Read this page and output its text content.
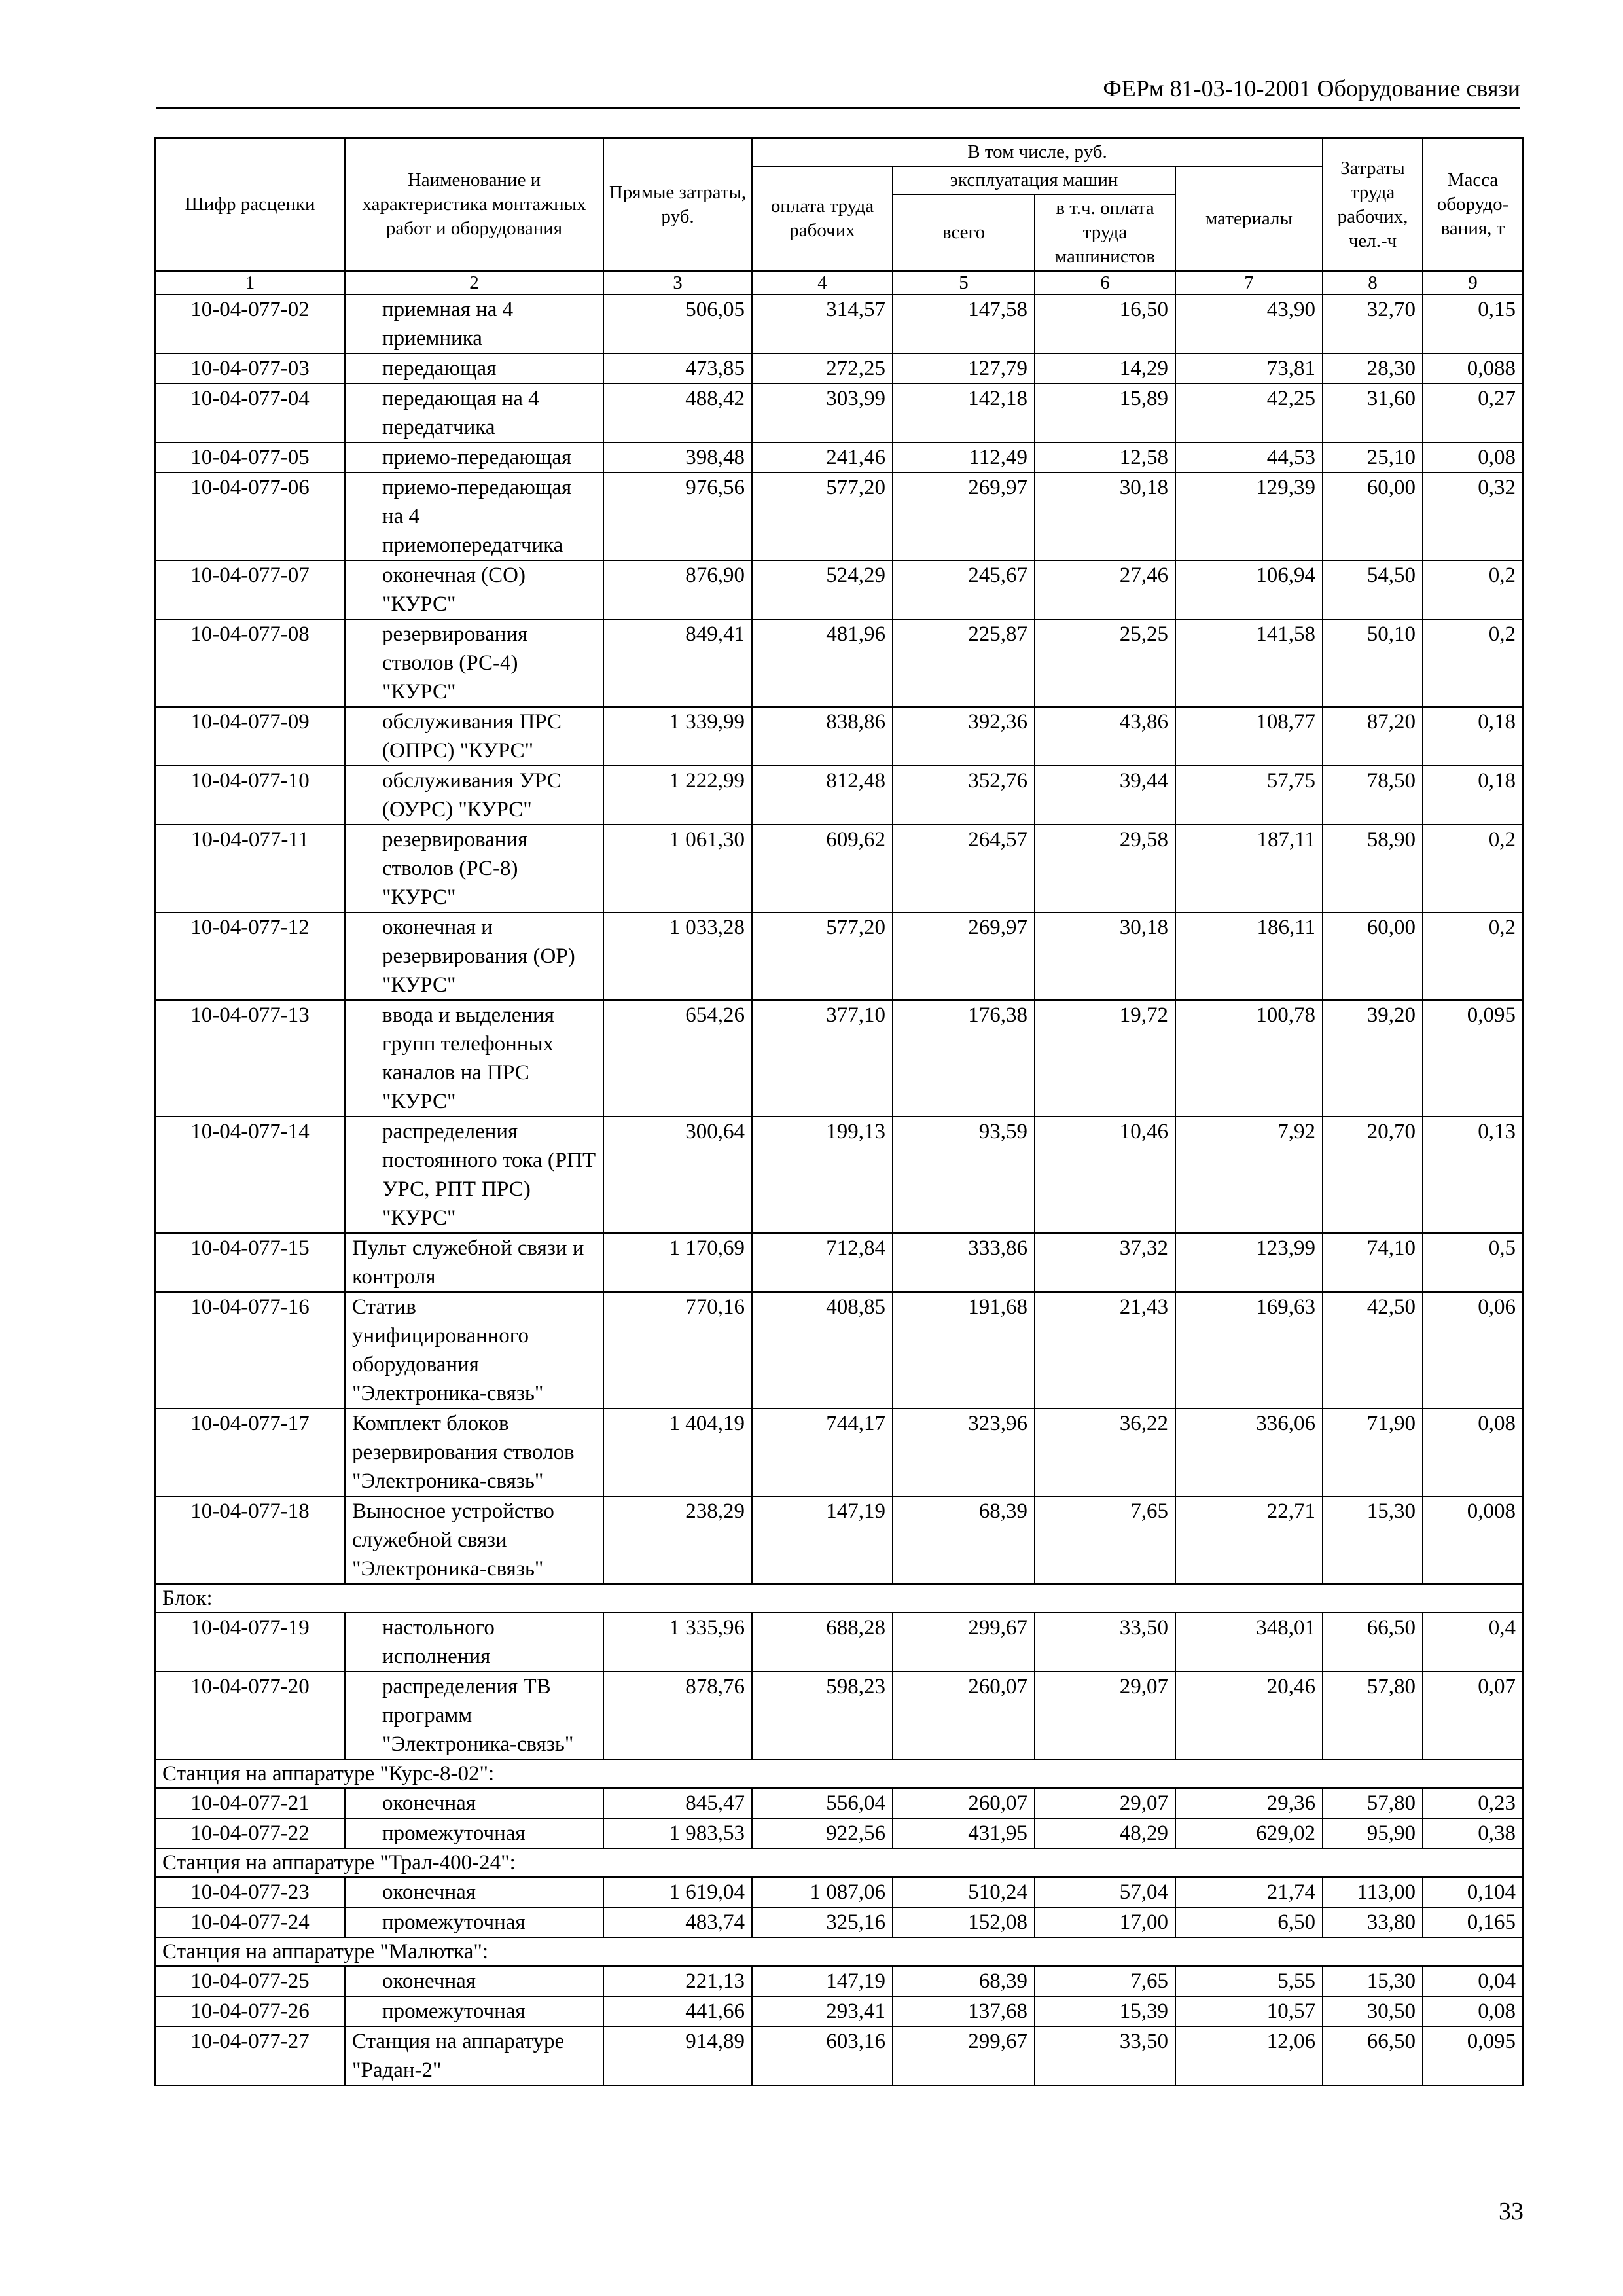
ФЕРм 81-03-10-2001 Оборудование связи
Шифр расценки	Наименование и характеристика монтажных работ и оборудования	Прямые затраты, руб.	В том числе, руб.				Затраты труда рабочих, чел.-ч	Масса оборудо-вания, т
			оплата труда рабочих	эксплуатация машин		материалы		
				всего	в т.ч. оплата труда машинистов			
1	2	3	4	5	6	7	8	9
10-04-077-02	приемная на 4 приемника	506,05	314,57	147,58	16,50	43,90	32,70	0,15
10-04-077-03	передающая	473,85	272,25	127,79	14,29	73,81	28,30	0,088
10-04-077-04	передающая на 4 передатчика	488,42	303,99	142,18	15,89	42,25	31,60	0,27
10-04-077-05	приемо-передающая	398,48	241,46	112,49	12,58	44,53	25,10	0,08
10-04-077-06	приемо-передающая на 4 приемопередатчика	976,56	577,20	269,97	30,18	129,39	60,00	0,32
10-04-077-07	оконечная (СО) "КУРС"	876,90	524,29	245,67	27,46	106,94	54,50	0,2
10-04-077-08	резервирования стволов (РС-4) "КУРС"	849,41	481,96	225,87	25,25	141,58	50,10	0,2
10-04-077-09	обслуживания ПРС (ОПРС) "КУРС"	1 339,99	838,86	392,36	43,86	108,77	87,20	0,18
10-04-077-10	обслуживания УРС (ОУРС) "КУРС"	1 222,99	812,48	352,76	39,44	57,75	78,50	0,18
10-04-077-11	резервирования стволов (РС-8) "КУРС"	1 061,30	609,62	264,57	29,58	187,11	58,90	0,2
10-04-077-12	оконечная и резервирования (ОР) "КУРС"	1 033,28	577,20	269,97	30,18	186,11	60,00	0,2
10-04-077-13	ввода и выделения групп телефонных каналов на ПРС "КУРС"	654,26	377,10	176,38	19,72	100,78	39,20	0,095
10-04-077-14	распределения постоянного тока (РПТ УРС, РПТ ПРС) "КУРС"	300,64	199,13	93,59	10,46	7,92	20,70	0,13
10-04-077-15	Пульт служебной связи и контроля	1 170,69	712,84	333,86	37,32	123,99	74,10	0,5
10-04-077-16	Статив унифицированного оборудования "Электроника-связь"	770,16	408,85	191,68	21,43	169,63	42,50	0,06
10-04-077-17	Комплект блоков резервирования стволов "Электроника-связь"	1 404,19	744,17	323,96	36,22	336,06	71,90	0,08
10-04-077-18	Выносное устройство служебной связи "Электроника-связь"	238,29	147,19	68,39	7,65	22,71	15,30	0,008
Блок:								
10-04-077-19	настольного исполнения	1 335,96	688,28	299,67	33,50	348,01	66,50	0,4
10-04-077-20	распределения ТВ программ "Электроника-связь"	878,76	598,23	260,07	29,07	20,46	57,80	0,07
Станция на аппаратуре "Курс-8-02":								
10-04-077-21	оконечная	845,47	556,04	260,07	29,07	29,36	57,80	0,23
10-04-077-22	промежуточная	1 983,53	922,56	431,95	48,29	629,02	95,90	0,38
Станция на аппаратуре "Трал-400-24":								
10-04-077-23	оконечная	1 619,04	1 087,06	510,24	57,04	21,74	113,00	0,104
10-04-077-24	промежуточная	483,74	325,16	152,08	17,00	6,50	33,80	0,165
Станция на аппаратуре "Малютка":								
10-04-077-25	оконечная	221,13	147,19	68,39	7,65	5,55	15,30	0,04
10-04-077-26	промежуточная	441,66	293,41	137,68	15,39	10,57	30,50	0,08
10-04-077-27	Станция на аппаратуре "Радан-2"	914,89	603,16	299,67	33,50	12,06	66,50	0,095
33
